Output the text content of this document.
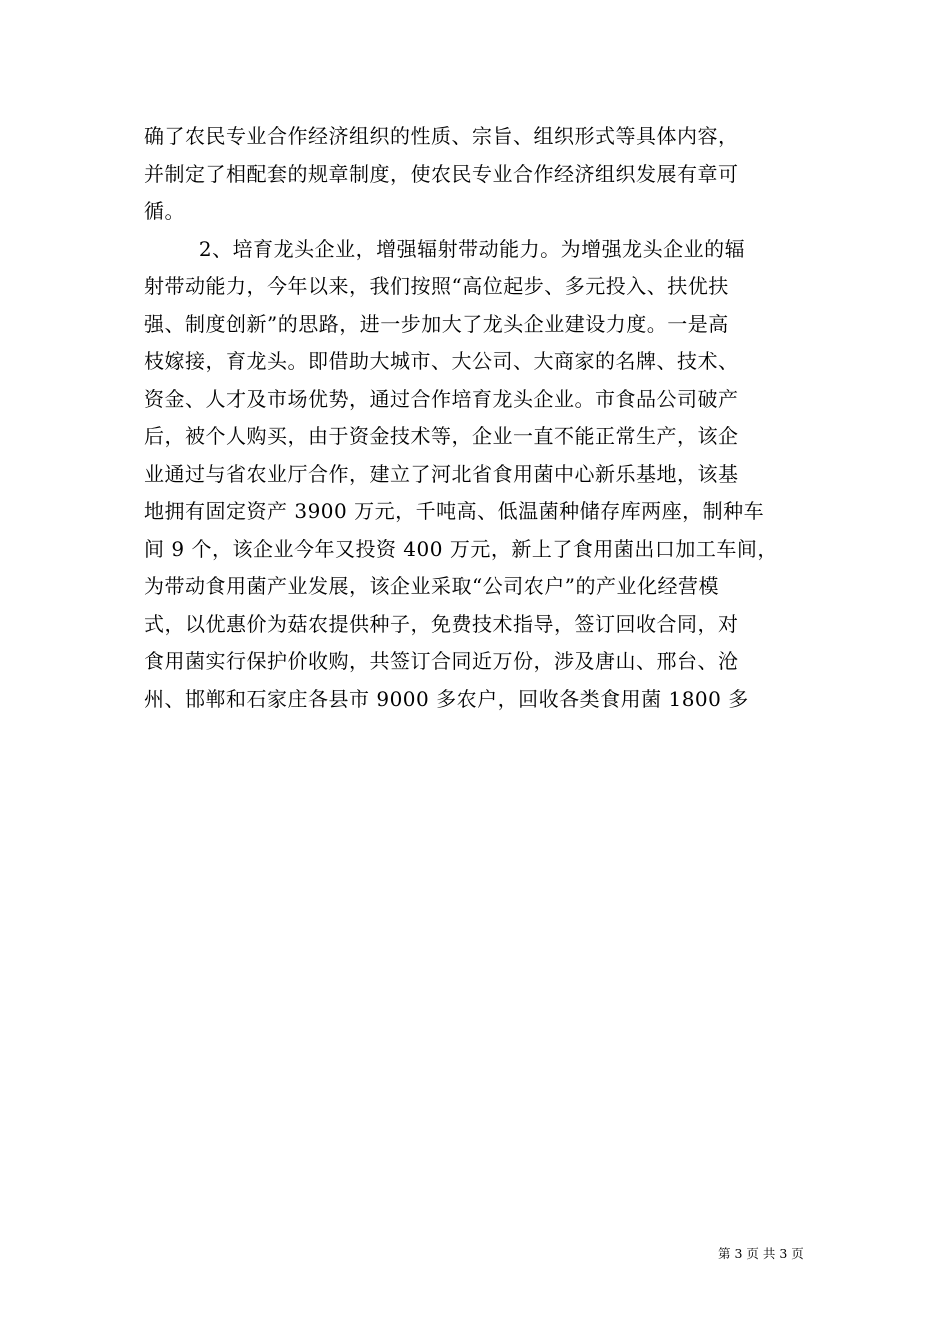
确了农民专业合作经济组织的性质、宗旨、组织形式等具体内容，
并制定了相配套的规章制度，使农民专业合作经济组织发展有章可
循。
2、培育龙头企业，增强辐射带动能力。为增强龙头企业的辐
射带动能力，今年以来，我们按照“高位起步、多元投入、扶优扶
强、制度创新”的思路，进一步加大了龙头企业建设力度。一是高
枝嫁接，育龙头。即借助大城市、大公司、大商家的名牌、技术、
资金、人才及市场优势，通过合作培育龙头企业。市食品公司破产
后，被个人购买，由于资金技术等，企业一直不能正常生产，该企
业通过与省农业厅合作，建立了河北省食用菌中心新乐基地，该基
地拥有固定资产 3900 万元，千吨高、低温菌种储存库两座，制种车
间 9 个，该企业今年又投资 400 万元，新上了食用菌出口加工车间，
为带动食用菌产业发展，该企业采取“公司农户”的产业化经营模
式，以优惠价为菇农提供种子，免费技术指导，签订回收合同，对
食用菌实行保护价收购，共签订合同近万份，涉及唐山、邢台、沧
州、邯郸和石家庄各县市 9000 多农户，回收各类食用菌 1800 多
第 3 页 共 3 页
